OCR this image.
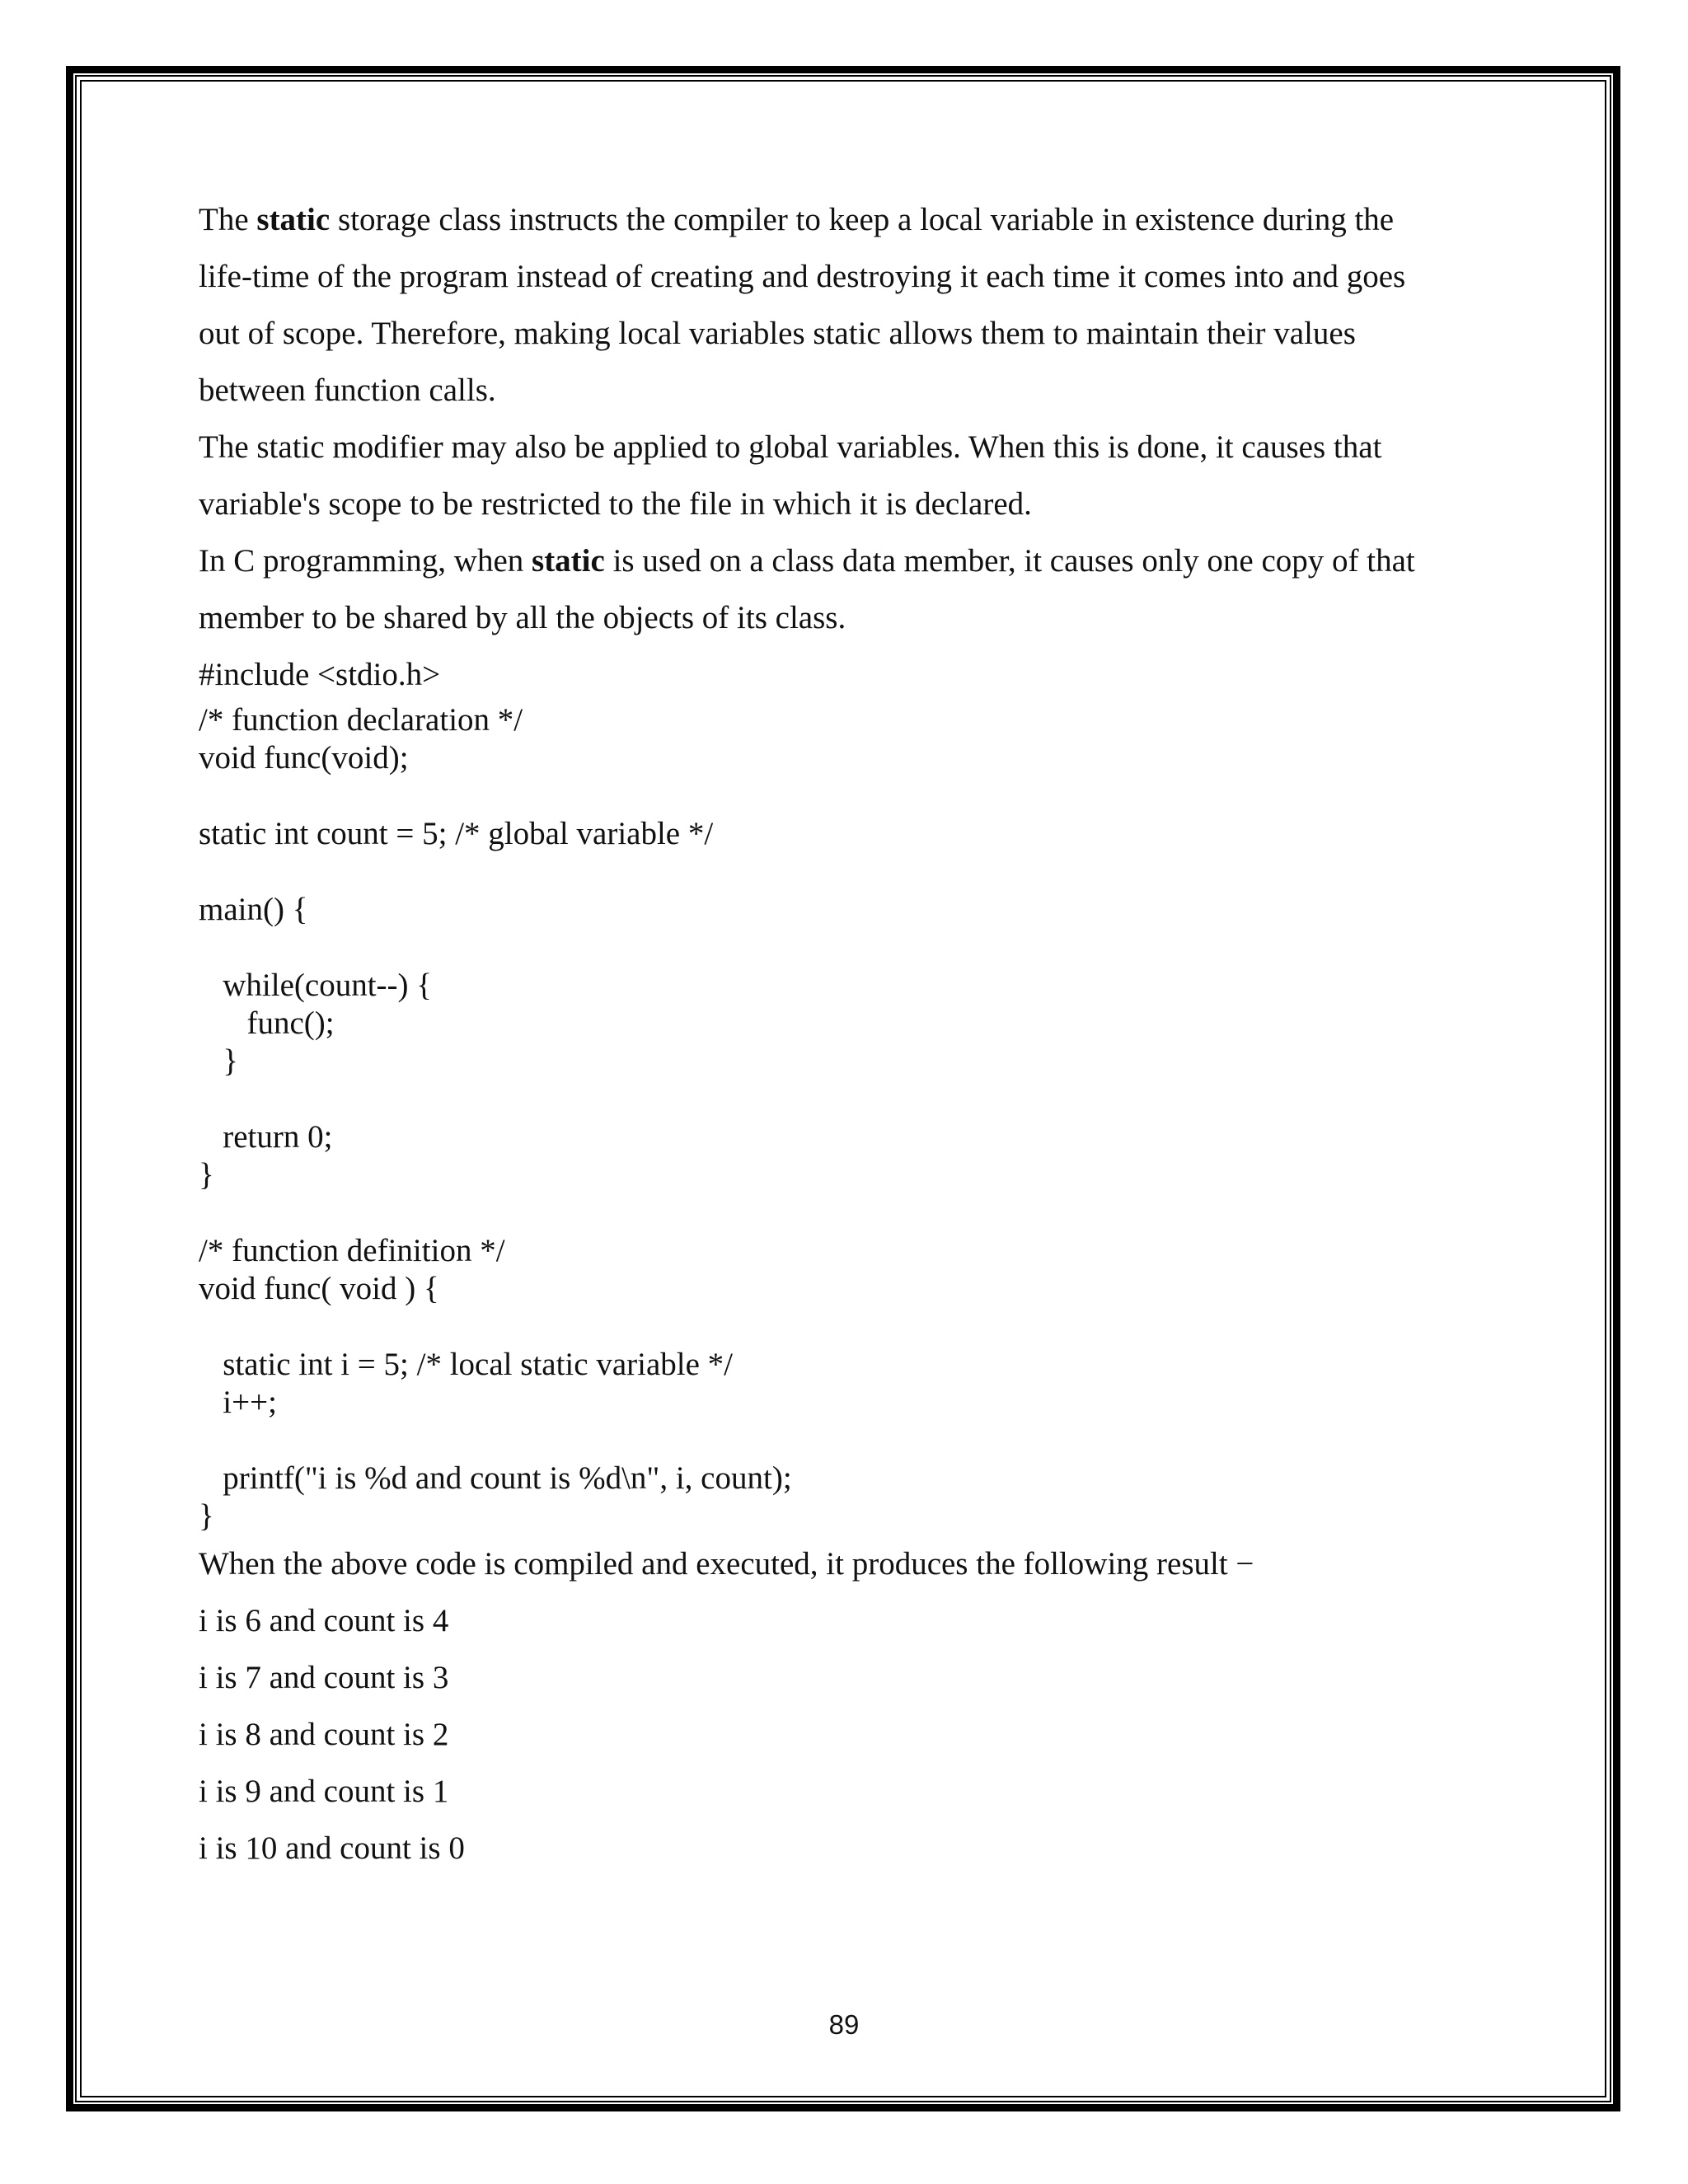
The static storage class instructs the compiler to keep a local variable in existence during the

life-time of the program instead of creating and destroying it each time it comes into and goes

out of scope. Therefore, making local variables static allows them to maintain their values

between function calls.

The static modifier may also be applied to global variables. When this is done, it causes that

variable's scope to be restricted to the file in which it is declared.

In C programming, when static is used on a class data member, it causes only one copy of that

member to be shared by all the objects of its class.

#include <stdio.h>

/* function declaration */
void func(void);
static int count = 5; /* global variable */
main() {
while(count--) {
func();
}
return 0;
}
/* function definition */
void func( void ) {
static int i = 5; /* local static variable */
i++;
printf("i is %d and count is %d\n", i, count);
}

When the above code is compiled and executed, it produces the following result −

i is 6 and count is 4

i is 7 and count is 3

i is 8 and count is 2

i is 9 and count is 1

i is 10 and count is 0

89
